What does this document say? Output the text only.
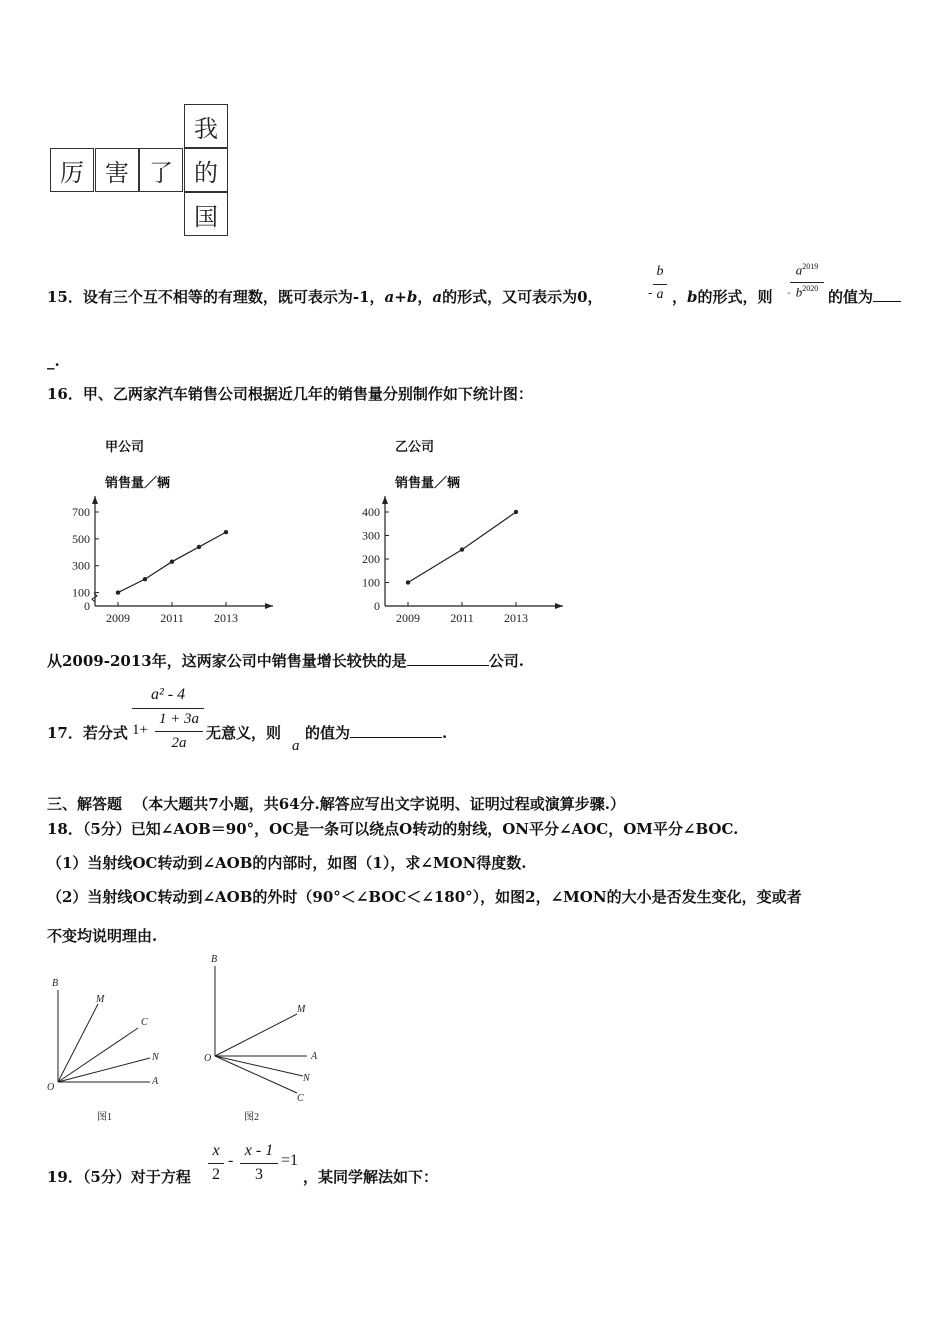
我
厉 害 了 的
国
15．设有三个互不相等的有理数，既可表示为-1，a+b，a的形式，又可表示为0，	-
b
a ，b的形式，则 -
$a^{2019}$
$b^{2020}$ 的值为
_.
16．甲、乙两家汽车销售公司根据近几年的销售量分别制作如下统计图：
甲公司
销售量／辆
0
100
300
500
700
2009	2011	2013
乙公司
销售量／辆
0
100
200
300
400
2009	2011	2013
从2009-2013年，这两家公司中销售量增长较快的是	公司.
17．若分式
a² - 4
1+
1 + 3a
2a
无意义，则
a
的值为	.
三、解答题 （本大题共7小题，共64分.解答应写出文字说明、证明过程或演算步骤.）
18．（5分）已知∠AOB＝90°，OC是一条可以绕点O转动的射线，ON平分∠AOC，OM平分∠BOC.
（1）当射线OC转动到∠AOB的内部时，如图（1），求∠MON得度数.
（2）当射线OC转动到∠AOB的外时（90°＜∠BOC＜∠180°），如图2，∠MON的大小是否发生变化，变或者
不变均说明理由.
B
M
C
N
O
A
图1
B
M
O	A
N
C
图2
19．（5分）对于方程
x
2
-
x - 1
3
=1
，某同学解法如下：
